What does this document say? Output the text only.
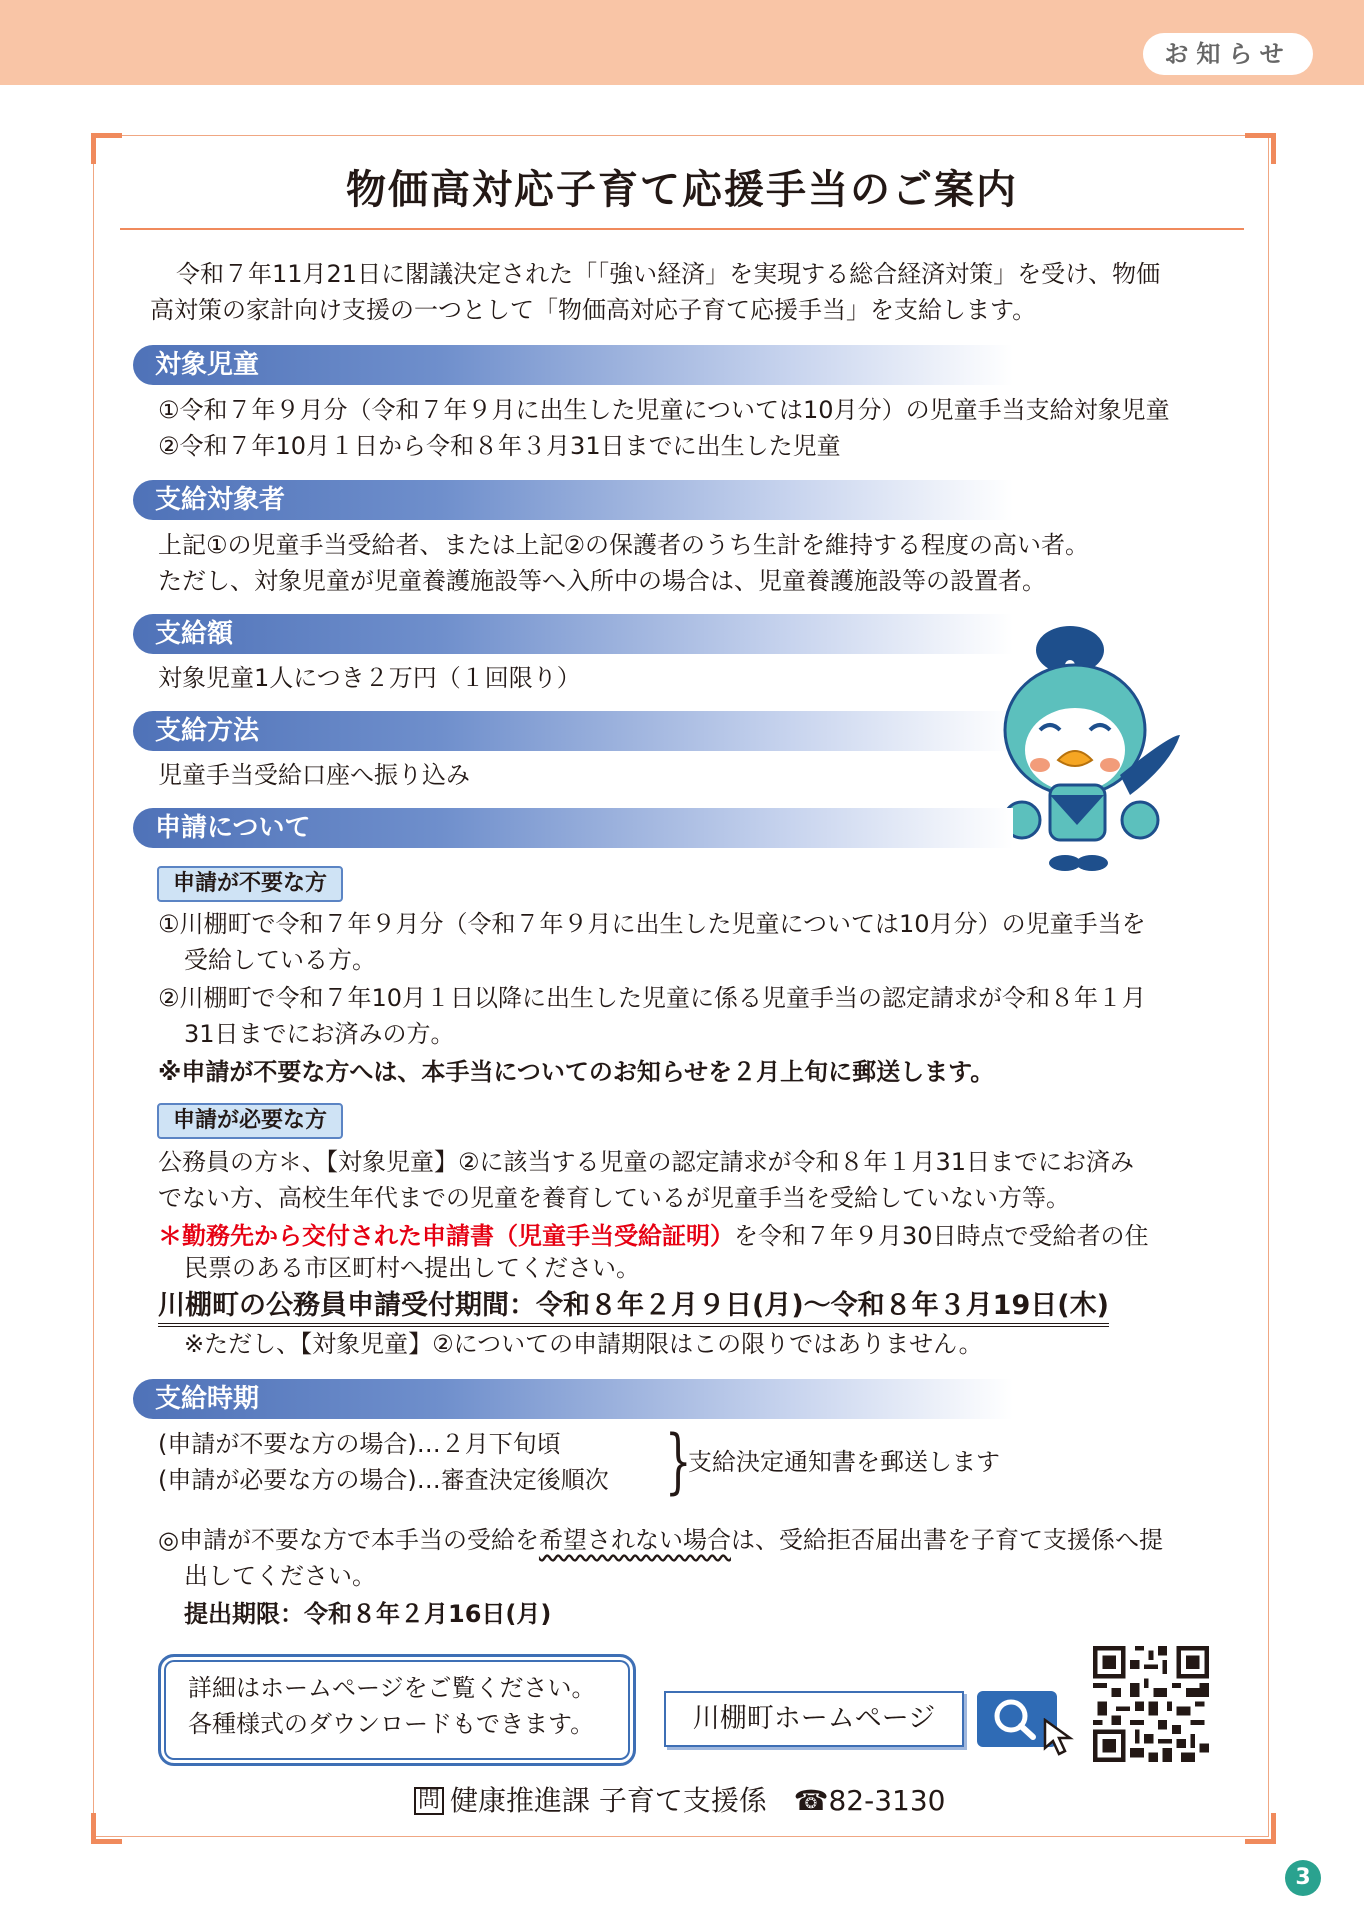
お知らせ
物価高対応子育て応援手当のご案内
令和７年11月21日に閣議決定された「「強い経済」を実現する総合経済対策」を受け、物価
高対策の家計向け支援の一つとして「物価高対応子育て応援手当」を支給します。
対象児童
①令和７年９月分（令和７年９月に出生した児童については10月分）の児童手当支給対象児童
②令和７年10月１日から令和８年３月31日までに出生した児童
支給対象者
上記①の児童手当受給者、または上記②の保護者のうち生計を維持する程度の高い者。
ただし、対象児童が児童養護施設等へ入所中の場合は、児童養護施設等の設置者。
支給額
対象児童1人につき２万円（１回限り）
支給方法
児童手当受給口座へ振り込み
申請について
申請が不要な方
①川棚町で令和７年９月分（令和７年９月に出生した児童については10月分）の児童手当を
受給している方。
②川棚町で令和７年10月１日以降に出生した児童に係る児童手当の認定請求が令和８年１月
31日までにお済みの方。
※申請が不要な方へは、本手当についてのお知らせを２月上旬に郵送します。
申請が必要な方
公務員の方＊、【対象児童】②に該当する児童の認定請求が令和８年１月31日までにお済み
でない方、高校生年代までの児童を養育しているが児童手当を受給していない方等。
＊勤務先から交付された申請書（児童手当受給証明）を令和７年９月30日時点で受給者の住
民票のある市区町村へ提出してください。
川棚町の公務員申請受付期間：令和８年２月９日(月)～令和８年３月19日(木)
※ただし、【対象児童】②についての申請期限はこの限りではありません。
支給時期
(申請が不要な方の場合)…２月下旬頃
(申請が必要な方の場合)…審査決定後順次 }
支給決定通知書を郵送します
◎申請が不要な方で本手当の受給を希望されない場合は、受給拒否届出書を子育て支援係へ提
出してください。
提出期限：令和８年２月16日(月)
詳細はホームページをご覧ください。
各種様式のダウンロードもできます。	川棚町ホームページ
問 健康推進課 子育て支援係 ☎82-3130
3
